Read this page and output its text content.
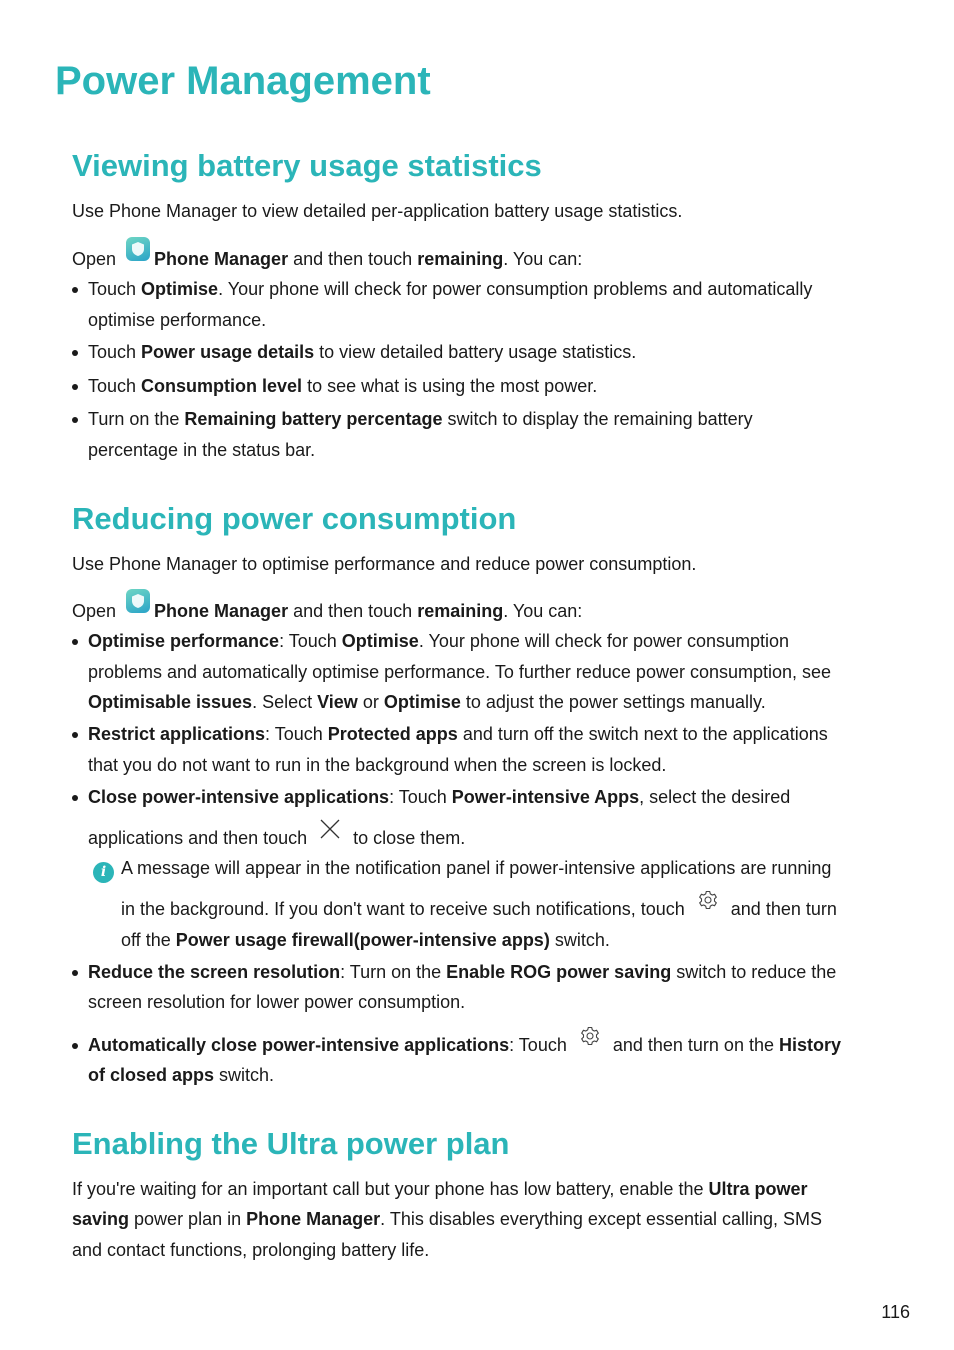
Power Management
Viewing battery usage statistics
Use Phone Manager to view detailed per-application battery usage statistics.
Open Phone Manager and then touch remaining. You can:
Touch Optimise. Your phone will check for power consumption problems and automatically
optimise performance.
Touch Power usage details to view detailed battery usage statistics.
Touch Consumption level to see what is using the most power.
Turn on the Remaining battery percentage switch to display the remaining battery
percentage in the status bar.
Reducing power consumption
Use Phone Manager to optimise performance and reduce power consumption.
Open Phone Manager and then touch remaining. You can:
Optimise performance: Touch Optimise. Your phone will check for power consumption
problems and automatically optimise performance. To further reduce power consumption, see
Optimisable issues. Select View or Optimise to adjust the power settings manually.
Restrict applications: Touch Protected apps and turn off the switch next to the applications
that you do not want to run in the background when the screen is locked.
Close power-intensive applications: Touch Power-intensive Apps, select the desired
applications and then touch	to close them.
i A message will appear in the notification panel if power-intensive applications are running
in the background. If you don't want to receive such notifications, touch	and then turn
off the Power usage firewall(power-intensive apps) switch.
Reduce the screen resolution: Turn on the Enable ROG power saving switch to reduce the
screen resolution for lower power consumption.
Automatically close power-intensive applications: Touch	and then turn on the History
of closed apps switch.
Enabling the Ultra power plan
If you're waiting for an important call but your phone has low battery, enable the Ultra power
saving power plan in Phone Manager. This disables everything except essential calling, SMS
and contact functions, prolonging battery life.
116
